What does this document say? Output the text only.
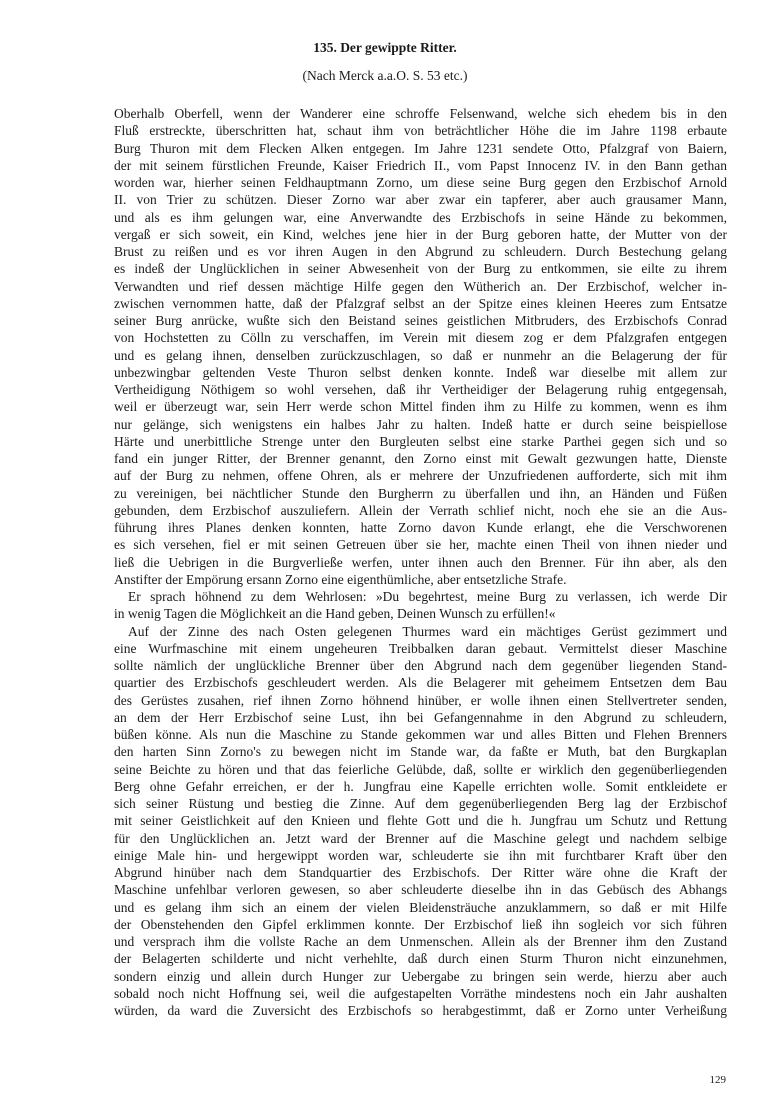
135. Der gewippte Ritter.
(Nach Merck a.a.O. S. 53 etc.)
Oberhalb Oberfell, wenn der Wanderer eine schroffe Felsenwand, welche sich ehedem bis in den
Fluß erstreckte, überschritten hat, schaut ihm von beträchtlicher Höhe die im Jahre 1198 erbaute
Burg Thuron mit dem Flecken Alken entgegen. Im Jahre 1231 sendete Otto, Pfalzgraf von Baiern,
der mit seinem fürstlichen Freunde, Kaiser Friedrich II., vom Papst Innocenz IV. in den Bann gethan
worden war, hierher seinen Feldhauptmann Zorno, um diese seine Burg gegen den Erzbischof Arnold
II. von Trier zu schützen. Dieser Zorno war aber zwar ein tapferer, aber auch grausamer Mann,
und als es ihm gelungen war, eine Anverwandte des Erzbischofs in seine Hände zu bekommen,
vergaß er sich soweit, ein Kind, welches jene hier in der Burg geboren hatte, der Mutter von der
Brust zu reißen und es vor ihren Augen in den Abgrund zu schleudern. Durch Bestechung gelang
es indeß der Unglücklichen in seiner Abwesenheit von der Burg zu entkommen, sie eilte zu ihrem
Verwandten und rief dessen mächtige Hilfe gegen den Wütherich an. Der Erzbischof, welcher in-
zwischen vernommen hatte, daß der Pfalzgraf selbst an der Spitze eines kleinen Heeres zum Entsatze
seiner Burg anrücke, wußte sich den Beistand seines geistlichen Mitbruders, des Erzbischofs Conrad
von Hochstetten zu Cölln zu verschaffen, im Verein mit diesem zog er dem Pfalzgrafen entgegen
und es gelang ihnen, denselben zurückzuschlagen, so daß er nunmehr an die Belagerung der für
unbezwingbar geltenden Veste Thuron selbst denken konnte. Indeß war dieselbe mit allem zur
Vertheidigung Nöthigem so wohl versehen, daß ihr Vertheidiger der Belagerung ruhig entgegensah,
weil er überzeugt war, sein Herr werde schon Mittel finden ihm zu Hilfe zu kommen, wenn es ihm
nur gelänge, sich wenigstens ein halbes Jahr zu halten. Indeß hatte er durch seine beispiellose
Härte und unerbittliche Strenge unter den Burgleuten selbst eine starke Parthei gegen sich und so
fand ein junger Ritter, der Brenner genannt, den Zorno einst mit Gewalt gezwungen hatte, Dienste
auf der Burg zu nehmen, offene Ohren, als er mehrere der Unzufriedenen aufforderte, sich mit ihm
zu vereinigen, bei nächtlicher Stunde den Burgherrn zu überfallen und ihn, an Händen und Füßen
gebunden, dem Erzbischof auszuliefern. Allein der Verrath schlief nicht, noch ehe sie an die Aus-
führung ihres Planes denken konnten, hatte Zorno davon Kunde erlangt, ehe die Verschworenen
es sich versehen, fiel er mit seinen Getreuen über sie her, machte einen Theil von ihnen nieder und
ließ die Uebrigen in die Burgverließe werfen, unter ihnen auch den Brenner. Für ihn aber, als den
Anstifter der Empörung ersann Zorno eine eigenthümliche, aber entsetzliche Strafe.
Er sprach höhnend zu dem Wehrlosen: »Du begehrtest, meine Burg zu verlassen, ich werde Dir
in wenig Tagen die Möglichkeit an die Hand geben, Deinen Wunsch zu erfüllen!«
Auf der Zinne des nach Osten gelegenen Thurmes ward ein mächtiges Gerüst gezimmert und
eine Wurfmaschine mit einem ungeheuren Treibbalken daran gebaut. Vermittelst dieser Maschine
sollte nämlich der unglückliche Brenner über den Abgrund nach dem gegenüber liegenden Stand-
quartier des Erzbischofs geschleudert werden. Als die Belagerer mit geheimem Entsetzen dem Bau
des Gerüstes zusahen, rief ihnen Zorno höhnend hinüber, er wolle ihnen einen Stellvertreter senden,
an dem der Herr Erzbischof seine Lust, ihn bei Gefangennahme in den Abgrund zu schleudern,
büßen könne. Als nun die Maschine zu Stande gekommen war und alles Bitten und Flehen Brenners
den harten Sinn Zorno's zu bewegen nicht im Stande war, da faßte er Muth, bat den Burgkaplan
seine Beichte zu hören und that das feierliche Gelübde, daß, sollte er wirklich den gegenüberliegenden
Berg ohne Gefahr erreichen, er der h. Jungfrau eine Kapelle errichten wolle. Somit entkleidete er
sich seiner Rüstung und bestieg die Zinne. Auf dem gegenüberliegenden Berg lag der Erzbischof
mit seiner Geistlichkeit auf den Knieen und flehte Gott und die h. Jungfrau um Schutz und Rettung
für den Unglücklichen an. Jetzt ward der Brenner auf die Maschine gelegt und nachdem selbige
einige Male hin- und hergewippt worden war, schleuderte sie ihn mit furchtbarer Kraft über den
Abgrund hinüber nach dem Standquartier des Erzbischofs. Der Ritter wäre ohne die Kraft der
Maschine unfehlbar verloren gewesen, so aber schleuderte dieselbe ihn in das Gebüsch des Abhangs
und es gelang ihm sich an einem der vielen Bleidensträuche anzuklammern, so daß er mit Hilfe
der Obenstehenden den Gipfel erklimmen konnte. Der Erzbischof ließ ihn sogleich vor sich führen
und versprach ihm die vollste Rache an dem Unmenschen. Allein als der Brenner ihm den Zustand
der Belagerten schilderte und nicht verhehlte, daß durch einen Sturm Thuron nicht einzunehmen,
sondern einzig und allein durch Hunger zur Uebergabe zu bringen sein werde, hierzu aber auch
sobald noch nicht Hoffnung sei, weil die aufgestapelten Vorräthe mindestens noch ein Jahr aushalten
würden, da ward die Zuversicht des Erzbischofs so herabgestimmt, daß er Zorno unter Verheißung
129
